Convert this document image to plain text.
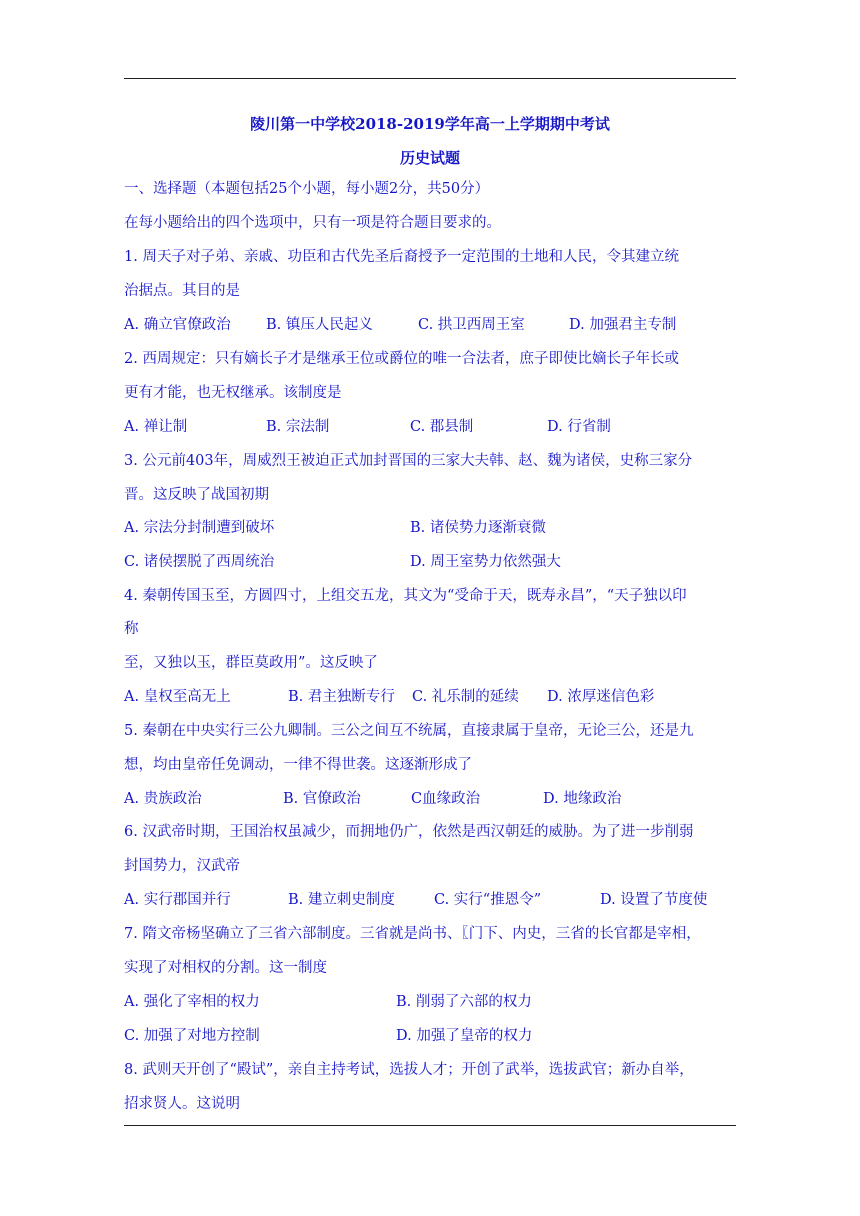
陵川第一中学校2018-2019学年高一上学期期中考试
历史试题
一、选择题（本题包括25个小题，每小题2分，共50分）
在每小题给出的四个选项中，只有一项是符合题目要求的。
1. 周天子对子弟、亲戚、功臣和古代先圣后裔授予一定范围的土地和人民，令其建立统
治据点。其目的是
A. 确立官僚政治 B. 镇压人民起义	C. 拱卫西周王室	D. 加强君主专制
2. 西周规定：只有嫡长子才是继承王位或爵位的唯一合法者，庶子即使比嫡长子年长或
更有才能，也无权继承。该制度是
A. 禅让制	B. 宗法制	C. 郡县制	D. 行省制
3. 公元前403年，周威烈王被迫正式加封晋国的三家大夫韩、赵、魏为诸侯，史称三家分
晋。这反映了战国初期
A. 宗法分封制遭到破坏	B. 诸侯势力逐渐衰微
C. 诸侯摆脱了西周统治	D. 周王室势力依然强大
4. 秦朝传国玉至，方圆四寸，上组交五龙，其文为“受命于天，既寿永昌”，“天子独以印
称
至，又独以玉，群臣莫政用”。这反映了
A. 皇权至高无上	B. 君主独断专行 C. 礼乐制的延续 D. 浓厚迷信色彩
5. 秦朝在中央实行三公九卿制。三公之间互不统属，直接隶属于皇帝，无论三公，还是九
想，均由皇帝任免调动，一律不得世袭。这逐渐形成了
A. 贵族政治	B. 官僚政治	C血缘政治	D. 地缘政治
6. 汉武帝时期，王国治权虽减少，而拥地仍广，依然是西汉朝廷的威胁。为了进一步削弱
封国势力，汉武帝
A. 实行郡国并行	B. 建立刺史制度	C. 实行“推恩令”	D. 设置了节度使
7. 隋文帝杨坚确立了三省六部制度。三省就是尚书、〖门下、内史，三省的长官都是宰相，
实现了对相权的分割。这一制度
A. 强化了宰相的权力	B. 削弱了六部的权力
C. 加强了对地方控制	D. 加强了皇帝的权力
8. 武则天开创了“殿试”，亲自主持考试，选拔人才；开创了武举，选拔武官；新办自举，
招求贤人。这说明
